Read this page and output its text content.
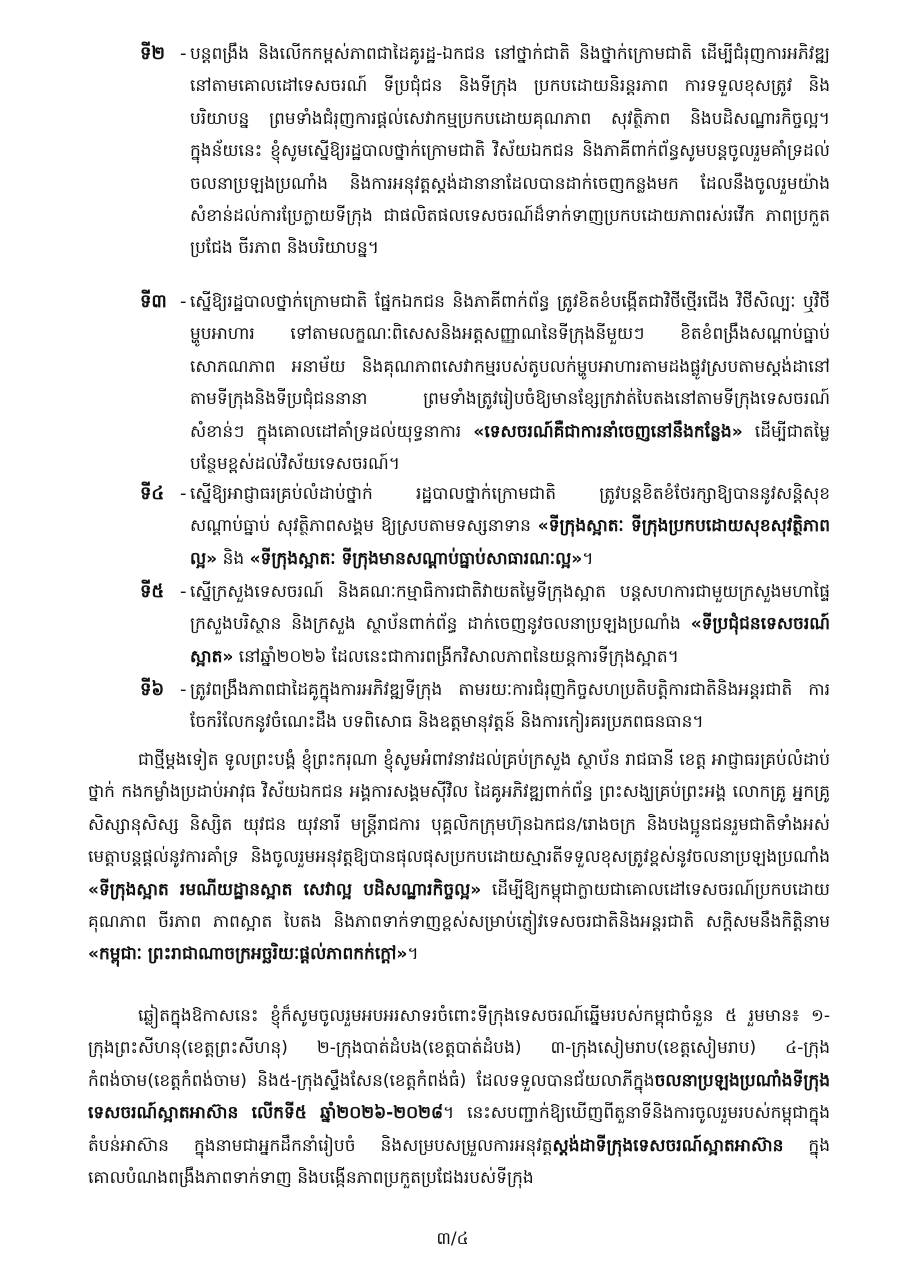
ទី២ - បន្តពង្រឹង និងលើកកម្ពស់ភាពជាដៃគូរដ្ឋ-ឯកជន នៅថ្នាក់ជាតិ និងថ្នាក់ក្រោមជាតិ ដើម្បីជំរុញការអភិវឌ្ឍនៅតាមគោលដៅទេសចរណ៍ ទីប្រជុំជន និងទីក្រុង ប្រកបដោយនិរន្តរភាព ការទទួលខុសត្រូវ និងបរិយាបន្ន ព្រមទាំងជំរុញការផ្តល់សេវាកម្មប្រកបដោយគុណភាព សុវត្ថិភាព និងបដិសណ្ឋារកិច្ចល្អ។ ក្នុងន័យនេះ ខ្ញុំសូមស្នើឱ្យរដ្ឋបាលថ្នាក់ក្រោមជាតិ វិស័យឯកជន និងភាគីពាក់ព័ន្ធសូមបន្តចូលរួមគាំទ្រដល់ចលនាប្រឡងប្រណាំង និងការអនុវត្តស្តង់ដានានាដែលបានដាក់ចេញកន្លងមក ដែលនឹងចូលរួមយ៉ាងសំខាន់ដល់ការប្រែក្លាយទីក្រុង ជាផលិតផលទេសចរណ៍ដ៏ទាក់ទាញប្រកបដោយភាពរស់រវើក ភាពប្រកួតប្រជែង ចីរភាព និងបរិយាបន្ន។
ទី៣ - ស្នើឱ្យរដ្ឋបាលថ្នាក់ក្រោមជាតិ ផ្នែកឯកជន និងភាគីពាក់ព័ន្ធ ត្រូវខិតខំបង្កើតជាវិថីថ្មើរជើង វិថីសិល្បៈ ឬវិថីម្ហូបអាហារ ទៅតាមលក្ខណៈពិសេសនិងអត្តសញ្ញាណនៃទីក្រុងនីមួយៗ ខិតខំពង្រឹងសណ្តាប់ធ្នាប់ សោភណភាព អនាម័យ និងគុណភាពសេវាកម្មរបស់តូបលក់ម្ហូបអាហារតាមដងផ្លូវស្របតាមស្តង់ដានៅតាមទីក្រុងនិងទីប្រជុំជននានា ព្រមទាំងត្រូវរៀបចំឱ្យមានខ្សែក្រវាត់បៃតងនៅតាមទីក្រុងទេសចរណ៍សំខាន់ៗ ក្នុងគោលដៅគាំទ្រដល់យុទ្ធនាការ «ទេសចរណ៍គឺជាការនាំចេញនៅនឹងកន្លែង» ដើម្បីជាតម្លៃបន្ថែមខ្ពស់ដល់វិស័យទេសចរណ៍។
ទី៤ - ស្នើឱ្យអាជ្ញាធរគ្រប់លំដាប់ថ្នាក់ រដ្ឋបាលថ្នាក់ក្រោមជាតិ ត្រូវបន្តខិតខំថែរក្សាឱ្យបាននូវសន្តិសុខ សណ្តាប់ធ្នាប់ សុវត្ថិភាពសង្គម ឱ្យស្របតាមទស្សនាទាន «ទីក្រុងស្អាតៈ ទីក្រុងប្រកបដោយសុខសុវត្ថិភាពល្អ» និង «ទីក្រុងស្អាតៈ ទីក្រុងមានសណ្តាប់ធ្នាប់សាធារណៈល្អ»។
ទី៥ - ស្នើក្រសួងទេសចរណ៍ និងគណៈកម្មាធិការជាតិវាយតម្លៃទីក្រុងស្អាត បន្តសហការជាមួយក្រសួងមហាផ្ទៃ ក្រសួងបរិស្ថាន និងក្រសួង ស្ថាប័នពាក់ព័ន្ធ ដាក់ចេញនូវចលនាប្រឡងប្រណាំង «ទីប្រជុំជនទេសចរណ៍ស្អាត» នៅឆ្នាំ២០២៦ ដែលនេះជាការពង្រីកវិសាលភាពនៃយន្តការទីក្រុងស្អាត។
ទី៦ - ត្រូវពង្រឹងភាពជាដៃគូក្នុងការអភិវឌ្ឍទីក្រុង តាមរយៈការជំរុញកិច្ចសហប្រតិបត្តិការជាតិនិងអន្តរជាតិ ការចែករំលែកនូវចំណេះដឹង បទពិសោធ និងឧត្តមានុវត្តន៍ និងការកៀរគរប្រភពធនធាន។
ជាថ្មីម្តងទៀត ទូលព្រះបង្គំ ខ្ញុំព្រះករុណា ខ្ញុំសូមអំពាវនាវដល់គ្រប់ក្រសួង ស្ថាប័ន រាជធានី ខេត្ត អាជ្ញាធរគ្រប់លំដាប់ថ្នាក់ កងកម្លាំងប្រដាប់អាវុធ វិស័យឯកជន អង្គការសង្គមស៊ីវិល ដៃគូអភិវឌ្ឍពាក់ព័ន្ធ ព្រះសង្ឃគ្រប់ព្រះអង្គ លោកគ្រូ អ្នកគ្រូ សិស្សានុសិស្ស និស្សិត យុវជន យុវនារី មន្ត្រីរាជការ បុគ្គលិកក្រុមហ៊ុនឯកជន/រោងចក្រ និងបងប្អូនជនរួមជាតិទាំងអស់ មេត្តាបន្តផ្តល់នូវការគាំទ្រ និងចូលរួមអនុវត្តឱ្យបានផុលផុសប្រកបដោយស្មារតីទទួលខុសត្រូវខ្ពស់នូវចលនាប្រឡងប្រណាំង «ទីក្រុងស្អាត រមណីយដ្ឋានស្អាត សេវាល្អ បដិសណ្ឋារកិច្ចល្អ» ដើម្បីឱ្យកម្ពុជាក្លាយជាគោលដៅទេសចរណ៍ប្រកបដោយគុណភាព ចីរភាព ភាពស្អាត បៃតង និងភាពទាក់ទាញខ្ពស់សម្រាប់ភ្ញៀវទេសចរជាតិនិងអន្តរជាតិ សក្តិសមនឹងកិត្តិនាម «កម្ពុជាៈ ព្រះរាជាណាចក្រអច្ឆរិយៈផ្តល់ភាពកក់ក្តៅ»។
ឆ្លៀតក្នុងឱកាសនេះ ខ្ញុំក៏សូមចូលរួមអបអរសាទរចំពោះទីក្រុងទេសចរណ៍ឆ្នើមរបស់កម្ពុជាចំនួន ៥ រួមមាន៖ ១-ក្រុងព្រះសីហនុ(ខេត្តព្រះសីហនុ) ២-ក្រុងបាត់ដំបង(ខេត្តបាត់ដំបង) ៣-ក្រុងសៀមរាប(ខេត្តសៀមរាប) ៤-ក្រុងកំពង់ចាម(ខេត្តកំពង់ចាម) និង៥-ក្រុងស្ទឹងសែន(ខេត្តកំពង់ធំ) ដែលទទួលបានជ័យលាភីក្នុងចលនាប្រឡងប្រណាំងទីក្រុងទេសចរណ៍ស្អាតអាស៊ាន លើកទី៥ ឆ្នាំ២០២៦-២០២៨។ នេះសបញ្ជាក់ឱ្យឃើញពីតួនាទីនិងការចូលរួមរបស់កម្ពុជាក្នុងតំបន់អាស៊ាន ក្នុងនាមជាអ្នកដឹកនាំរៀបចំ និងសម្របសម្រួលការអនុវត្តស្តង់ដាទីក្រុងទេសចរណ៍ស្អាតអាស៊ាន ក្នុងគោលបំណងពង្រឹងភាពទាក់ទាញ និងបង្កើនភាពប្រកួតប្រជែងរបស់ទីក្រុង
៣/៤
